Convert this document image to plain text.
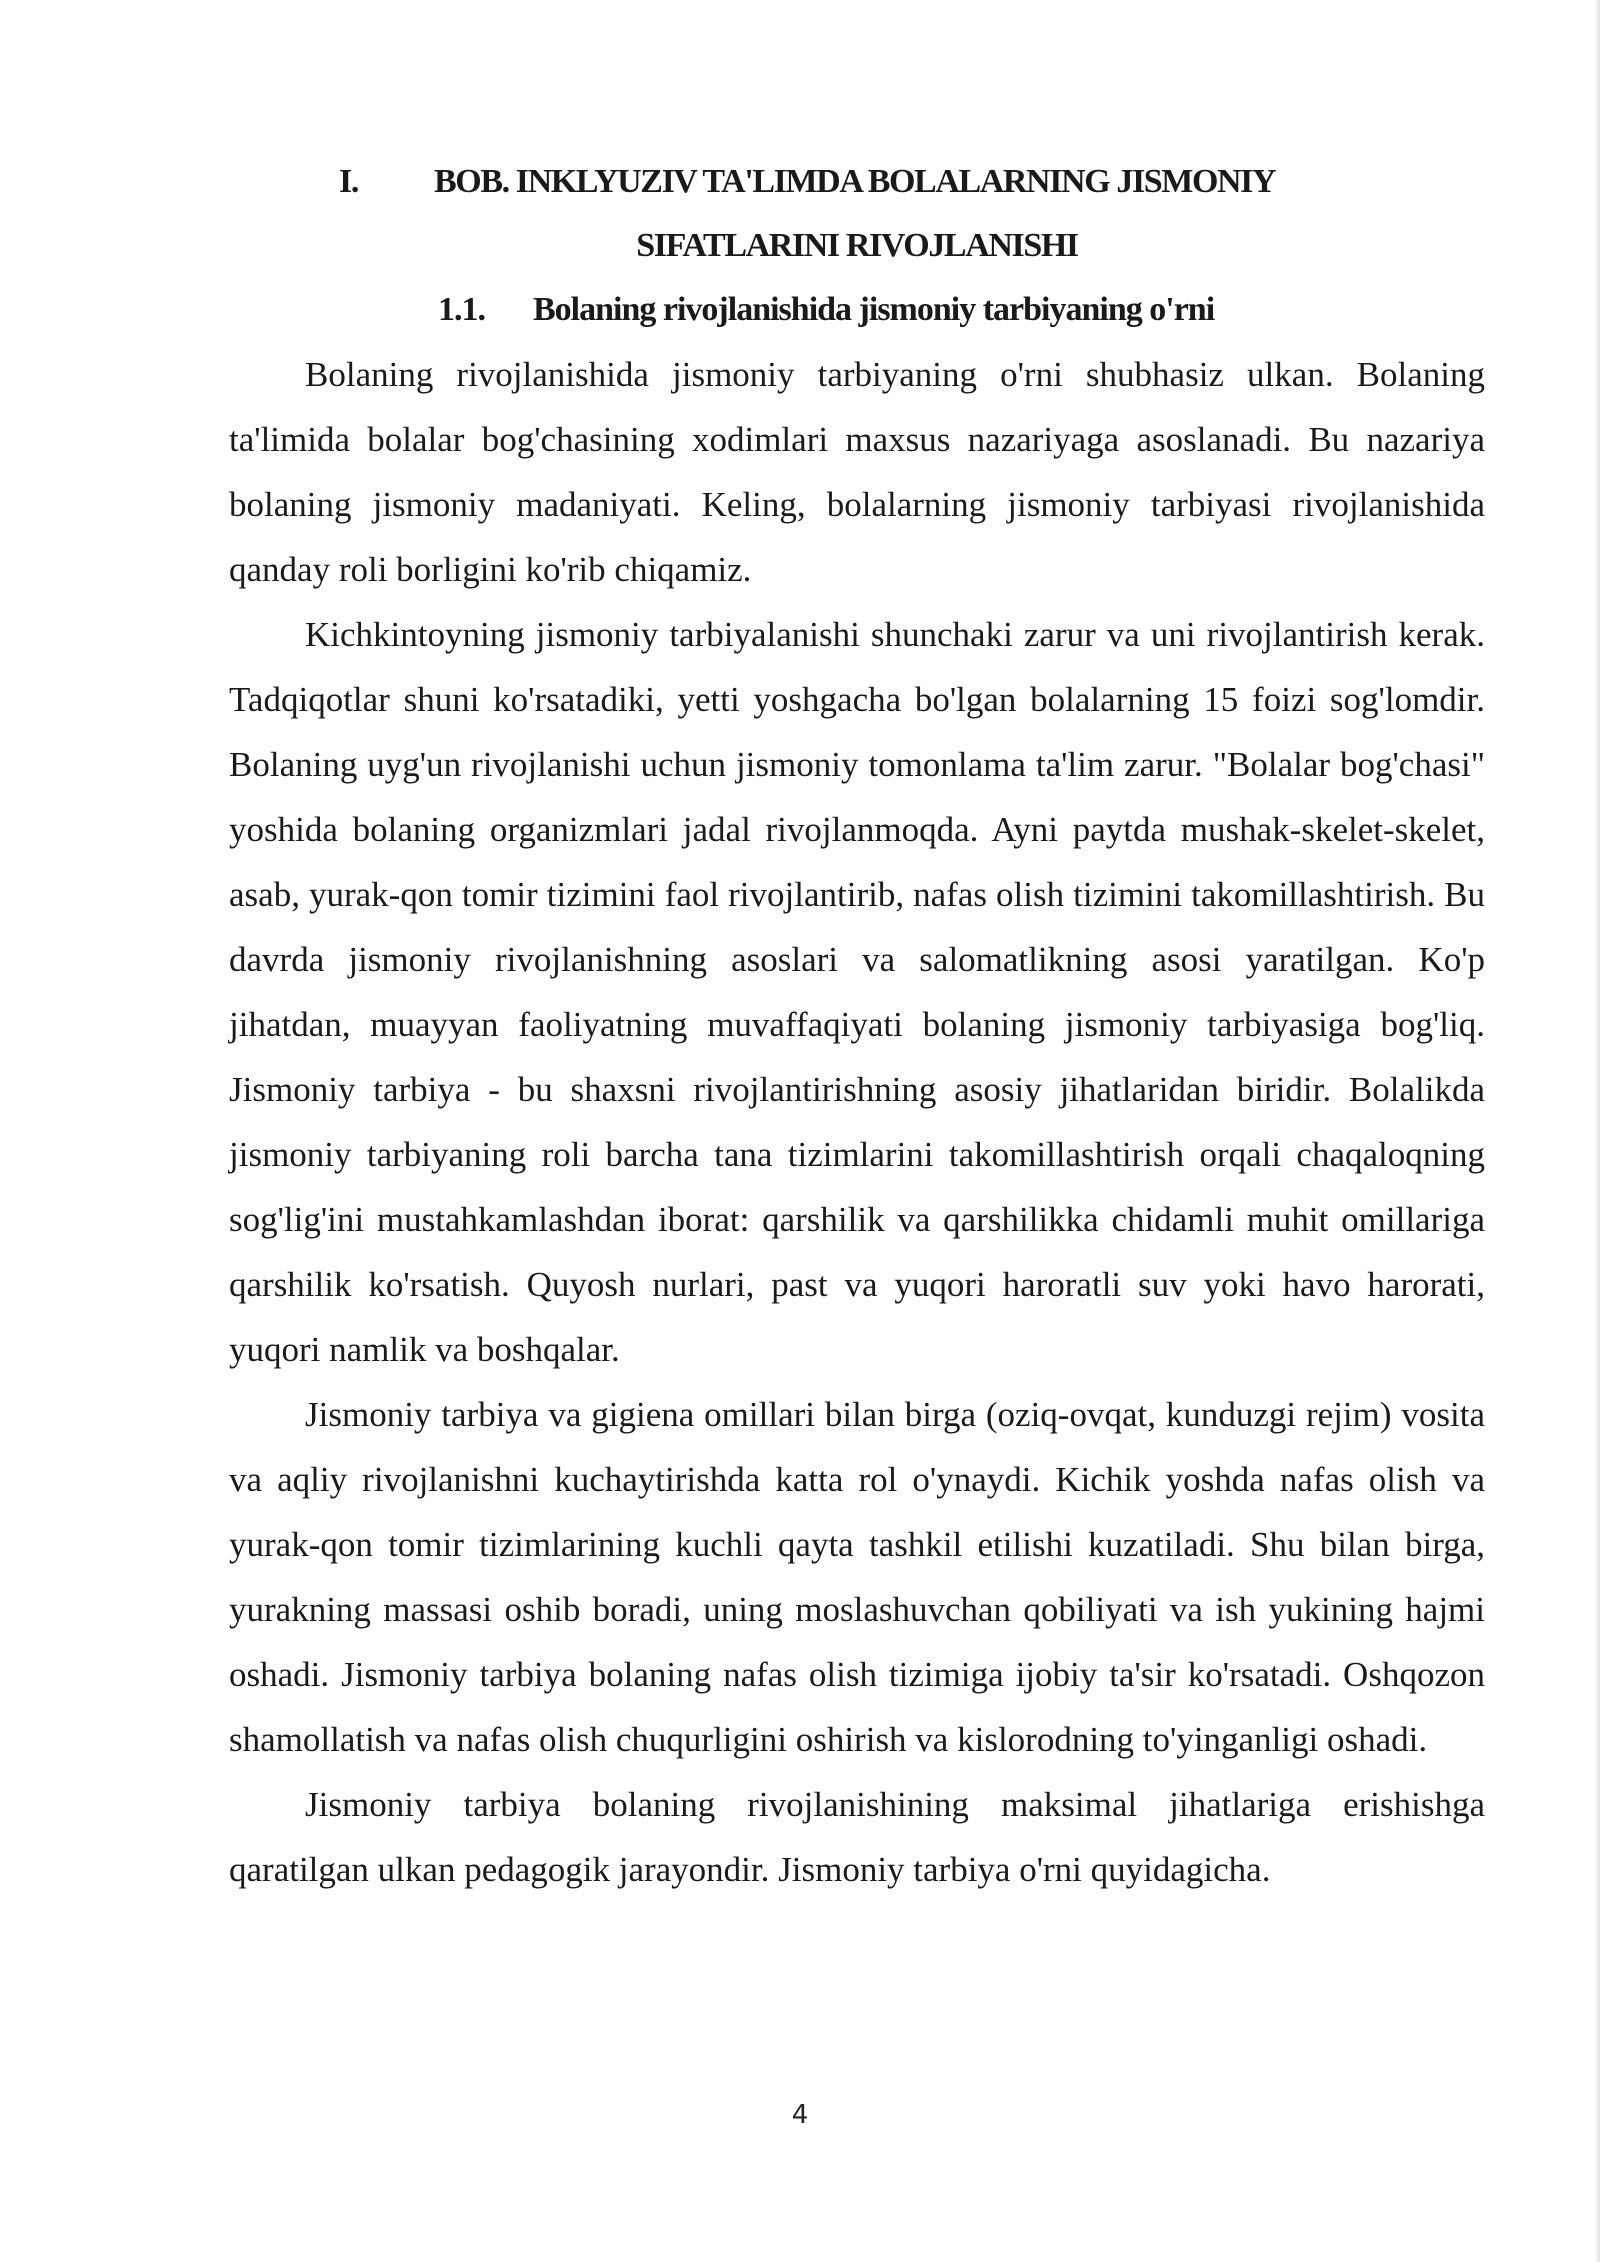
I. BOB. INKLYUZIV TA'LIMDA BOLALARNING JISMONIY
SIFATLARINI RIVOJLANISHI
1.1. Bolaning rivojlanishida jismoniy tarbiyaning o'rni

Bolaning rivojlanishida jismoniy tarbiyaning o'rni shubhasiz ulkan. Bolaning ta'limida bolalar bog'chasining xodimlari maxsus nazariyaga asoslanadi. Bu nazariya bolaning jismoniy madaniyati. Keling, bolalarning jismoniy tarbiyasi rivojlanishida qanday roli borligini ko'rib chiqamiz.

Kichkintoyning jismoniy tarbiyalanishi shunchaki zarur va uni rivojlantirish kerak. Tadqiqotlar shuni ko'rsatadiki, yetti yoshgacha bo'lgan bolalarning 15 foizi sog'lomdir. Bolaning uyg'un rivojlanishi uchun jismoniy tomonlama ta'lim zarur. "Bolalar bog'chasi" yoshida bolaning organizmlari jadal rivojlanmoqda. Ayni paytda mushak-skelet-skelet, asab, yurak-qon tomir tizimini faol rivojlantirib, nafas olish tizimini takomillashtirish. Bu davrda jismoniy rivojlanishning asoslari va salomatlikning asosi yaratilgan. Ko'p jihatdan, muayyan faoliyatning muvaffaqiyati bolaning jismoniy tarbiyasiga bog'liq. Jismoniy tarbiya - bu shaxsni rivojlantirishning asosiy jihatlaridan biridir. Bolalikda jismoniy tarbiyaning roli barcha tana tizimlarini takomillashtirish orqali chaqaloqning sog'lig'ini mustahkamlashdan iborat: qarshilik va qarshilikka chidamli muhit omillariga qarshilik ko'rsatish. Quyosh nurlari, past va yuqori haroratli suv yoki havo harorati, yuqori namlik va boshqalar.

Jismoniy tarbiya va gigiena omillari bilan birga (oziq-ovqat, kunduzgi rejim) vosita va aqliy rivojlanishni kuchaytirishda katta rol o'ynaydi. Kichik yoshda nafas olish va yurak-qon tomir tizimlarining kuchli qayta tashkil etilishi kuzatiladi. Shu bilan birga, yurakning massasi oshib boradi, uning moslashuvchan qobiliyati va ish yukining hajmi oshadi. Jismoniy tarbiya bolaning nafas olish tizimiga ijobiy ta'sir ko'rsatadi. Oshqozon shamollatish va nafas olish chuqurligini oshirish va kislorodning to'yinganligi oshadi.

Jismoniy tarbiya bolaning rivojlanishining maksimal jihatlariga erishishga qaratilgan ulkan pedagogik jarayondir. Jismoniy tarbiya o'rni quyidagicha.

4
